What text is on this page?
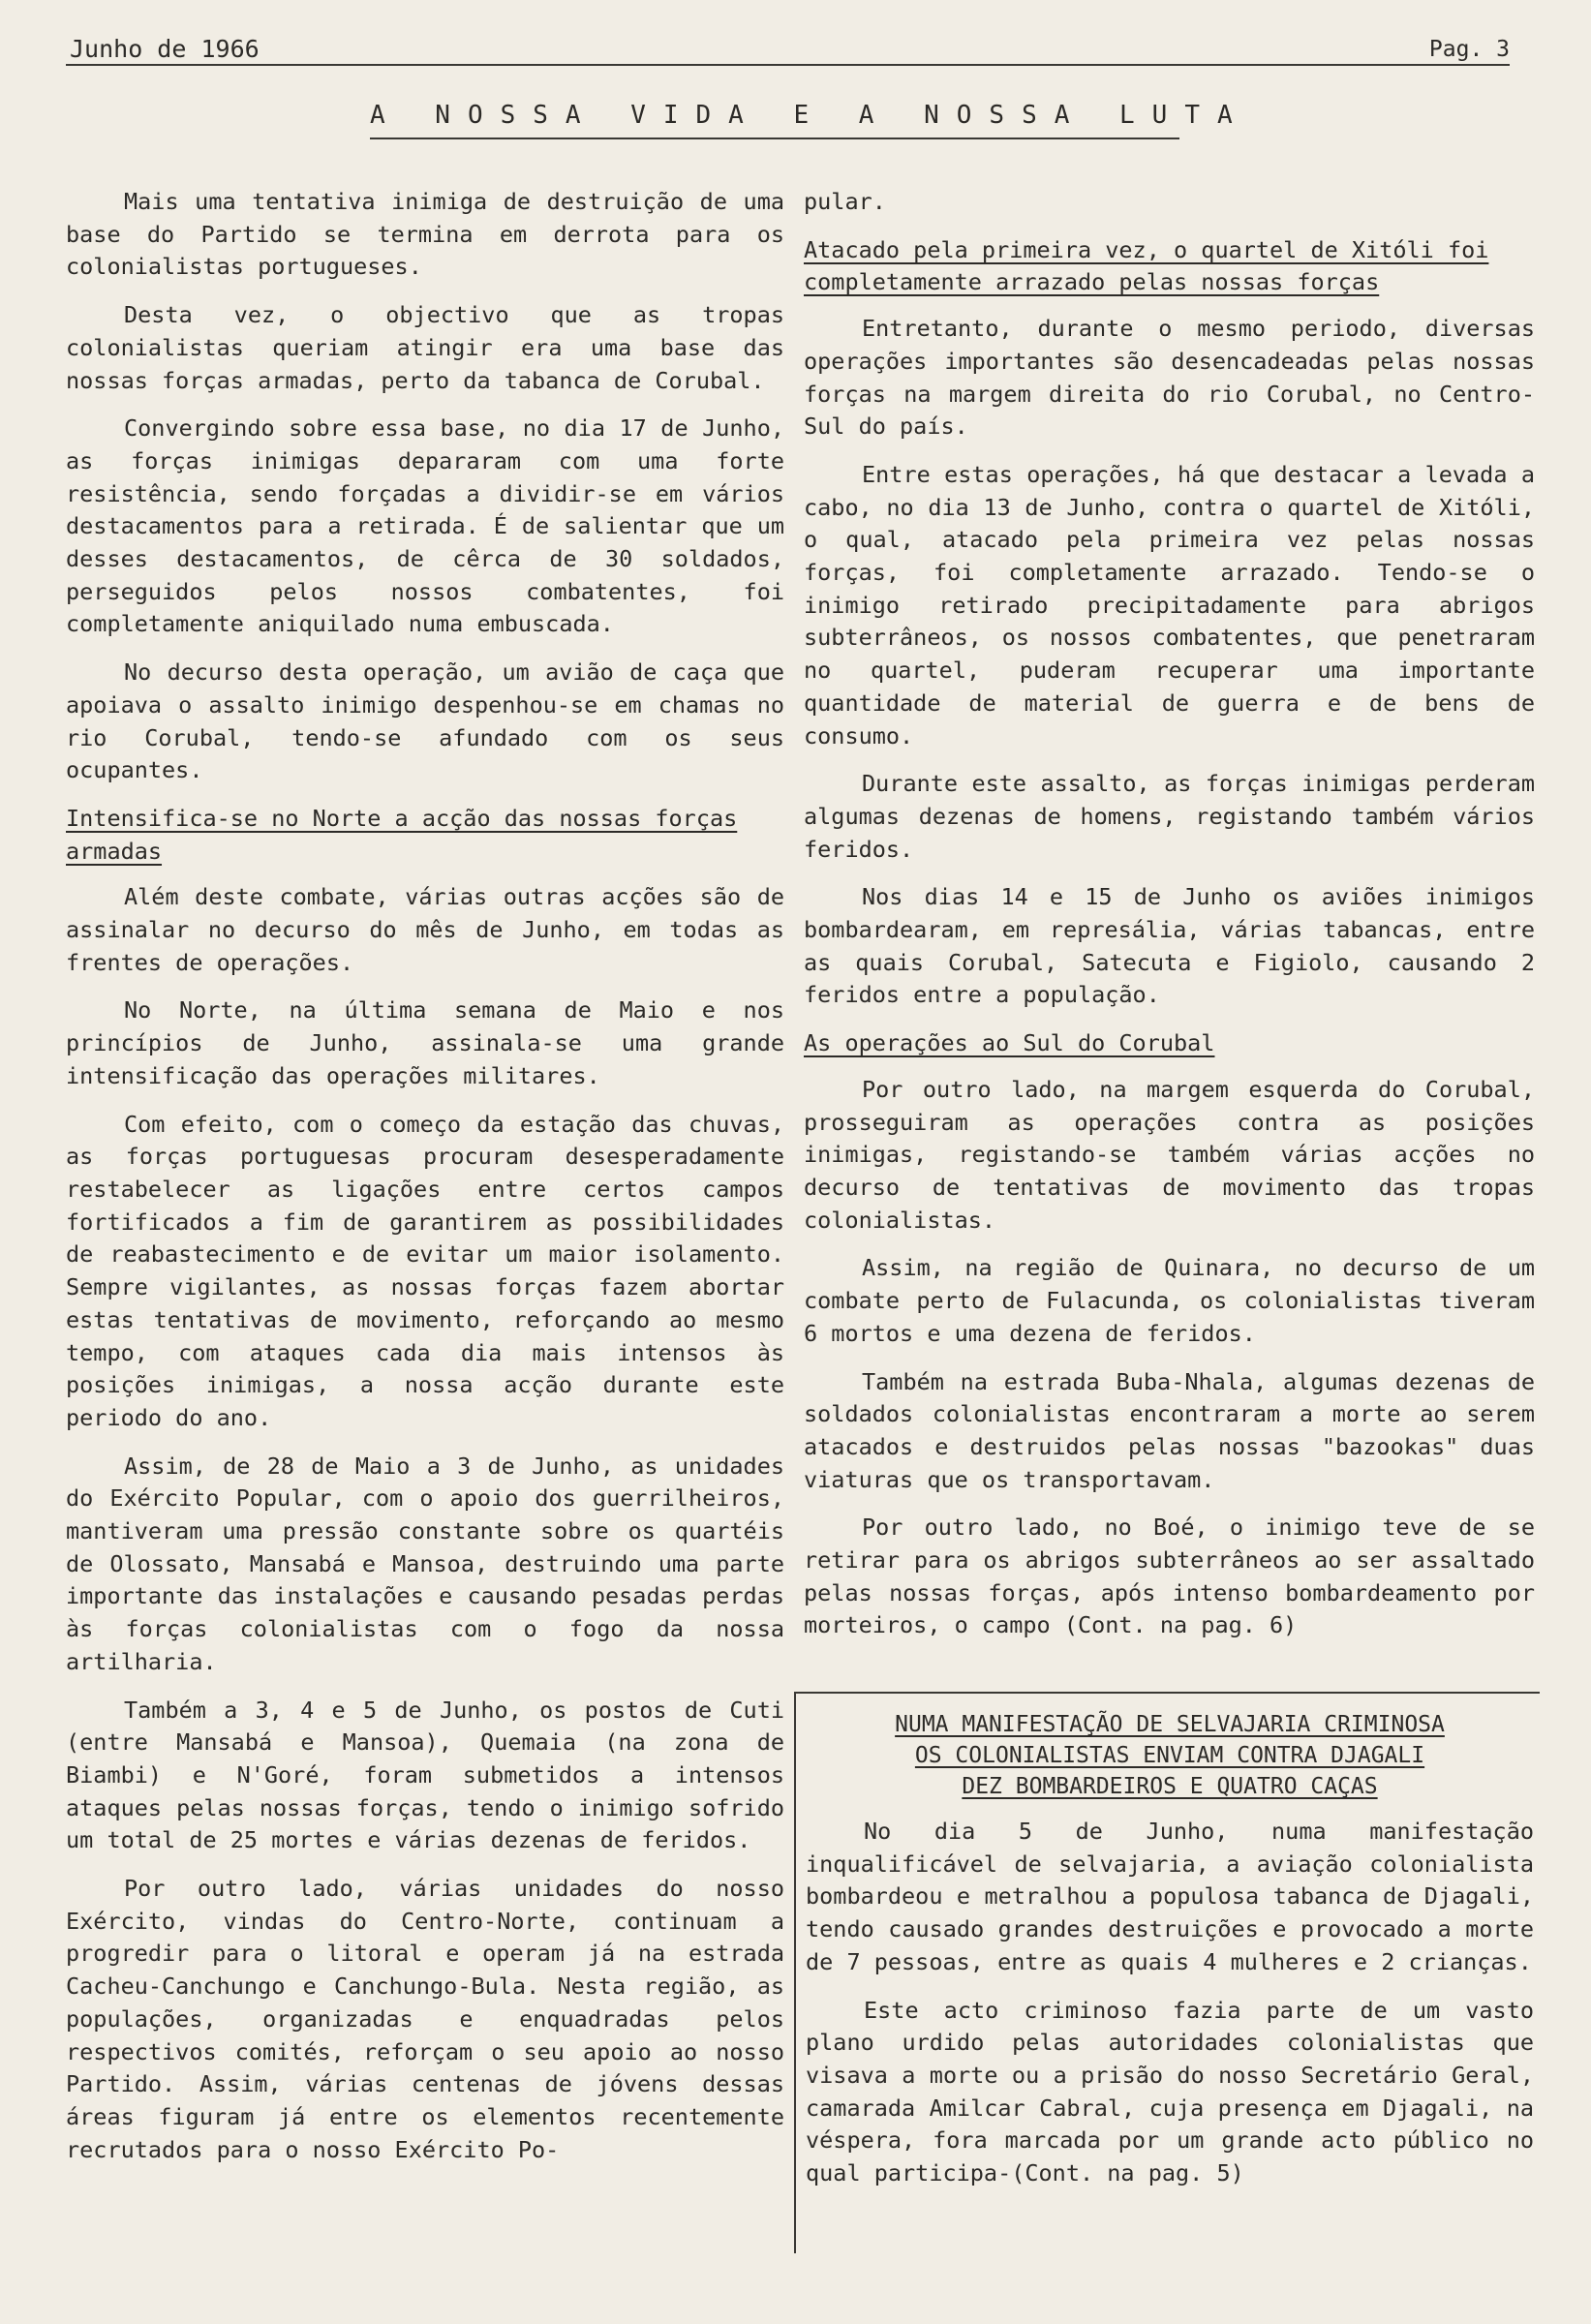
Junho de 1966	Pag. 3
A NOSSA VIDA E A NOSSA LUTA

Mais uma tentativa inimiga de destruição de uma base do Partido se termina em derrota para os colonialistas portugueses.

Desta vez, o objectivo que as tropas colonialistas queriam atingir era uma base das nossas forças armadas, perto da tabanca de Corubal.

Convergindo sobre essa base, no dia 17 de Junho, as forças inimigas depararam com uma forte resistência, sendo forçadas a dividir-se em vários destacamentos para a retirada. É de salientar que um desses destacamentos, de cêrca de 30 soldados, perseguidos pelos nossos combatentes, foi completamente aniquilado numa embuscada.

No decurso desta operação, um avião de caça que apoiava o assalto inimigo despenhou-se em chamas no rio Corubal, tendo-se afundado com os seus ocupantes.

Intensifica-se no Norte a acção das nossas forças armadas

Além deste combate, várias outras acções são de assinalar no decurso do mês de Junho, em todas as frentes de operações.

No Norte, na última semana de Maio e nos princípios de Junho, assinala-se uma grande intensificação das operações militares.

Com efeito, com o começo da estação das chuvas, as forças portuguesas procuram desesperadamente restabelecer as ligações entre certos campos fortificados a fim de garantirem as possibilidades de reabastecimento e de evitar um maior isolamento. Sempre vigilantes, as nossas forças fazem abortar estas tentativas de movimento, reforçando ao mesmo tempo, com ataques cada dia mais intensos às posições inimigas, a nossa acção durante este periodo do ano.

Assim, de 28 de Maio a 3 de Junho, as unidades do Exército Popular, com o apoio dos guerrilheiros, mantiveram uma pressão constante sobre os quartéis de Olossato, Mansabá e Mansoa, destruindo uma parte importante das instalações e causando pesadas perdas às forças colonialistas com o fogo da nossa artilharia.

Também a 3, 4 e 5 de Junho, os postos de Cuti (entre Mansabá e Mansoa), Quemaia (na zona de Biambi) e N'Goré, foram submetidos a intensos ataques pelas nossas forças, tendo o inimigo sofrido um total de 25 mortes e várias dezenas de feridos.

Por outro lado, várias unidades do nosso Exército, vindas do Centro-Norte, continuam a progredir para o litoral e operam já na estrada Cacheu-Canchungo e Canchungo-Bula. Nesta região, as populações, organizadas e enquadradas pelos respectivos comités, reforçam o seu apoio ao nosso Partido. Assim, várias centenas de jóvens dessas áreas figuram já entre os elementos recentemente recrutados para o nosso Exército Po-

pular.

Atacado pela primeira vez, o quartel de Xitóli foi completamente arrazado pelas nossas forças

Entretanto, durante o mesmo periodo, diversas operações importantes são desencadeadas pelas nossas forças na margem direita do rio Corubal, no Centro-Sul do país.

Entre estas operações, há que destacar a levada a cabo, no dia 13 de Junho, contra o quartel de Xitóli, o qual, atacado pela primeira vez pelas nossas forças, foi completamente arrazado. Tendo-se o inimigo retirado precipitadamente para abrigos subterrâneos, os nossos combatentes, que penetraram no quartel, puderam recuperar uma importante quantidade de material de guerra e de bens de consumo.

Durante este assalto, as forças inimigas perderam algumas dezenas de homens, registando também vários feridos.

Nos dias 14 e 15 de Junho os aviões inimigos bombardearam, em represália, várias tabancas, entre as quais Corubal, Satecuta e Figiolo, causando 2 feridos entre a população.

As operações ao Sul do Corubal

Por outro lado, na margem esquerda do Corubal, prosseguiram as operações contra as posições inimigas, registando-se também várias acções no decurso de tentativas de movimento das tropas colonialistas.

Assim, na região de Quinara, no decurso de um combate perto de Fulacunda, os colonialistas tiveram 6 mortos e uma dezena de feridos.

Também na estrada Buba-Nhala, algumas dezenas de soldados colonialistas encontraram a morte ao serem atacados e destruidos pelas nossas "bazookas" duas viaturas que os transportavam.

Por outro lado, no Boé, o inimigo teve de se retirar para os abrigos subterrâneos ao ser assaltado pelas nossas forças, após intenso bombardeamento por morteiros, o campo (Cont. na pag. 6)

NUMA MANIFESTAÇÃO DE SELVAJARIA CRIMINOSA
OS COLONIALISTAS ENVIAM CONTRA DJAGALI
DEZ BOMBARDEIROS E QUATRO CAÇAS

No dia 5 de Junho, numa manifestação inqualificável de selvajaria, a aviação colonialista bombardeou e metralhou a populosa tabanca de Djagali, tendo causado grandes destruições e provocado a morte de 7 pessoas, entre as quais 4 mulheres e 2 crianças.

Este acto criminoso fazia parte de um vasto plano urdido pelas autoridades colonialistas que visava a morte ou a prisão do nosso Secretário Geral, camarada Amilcar Cabral, cuja presença em Djagali, na véspera, fora marcada por um grande acto público no qual participa-(Cont. na pag. 5)
